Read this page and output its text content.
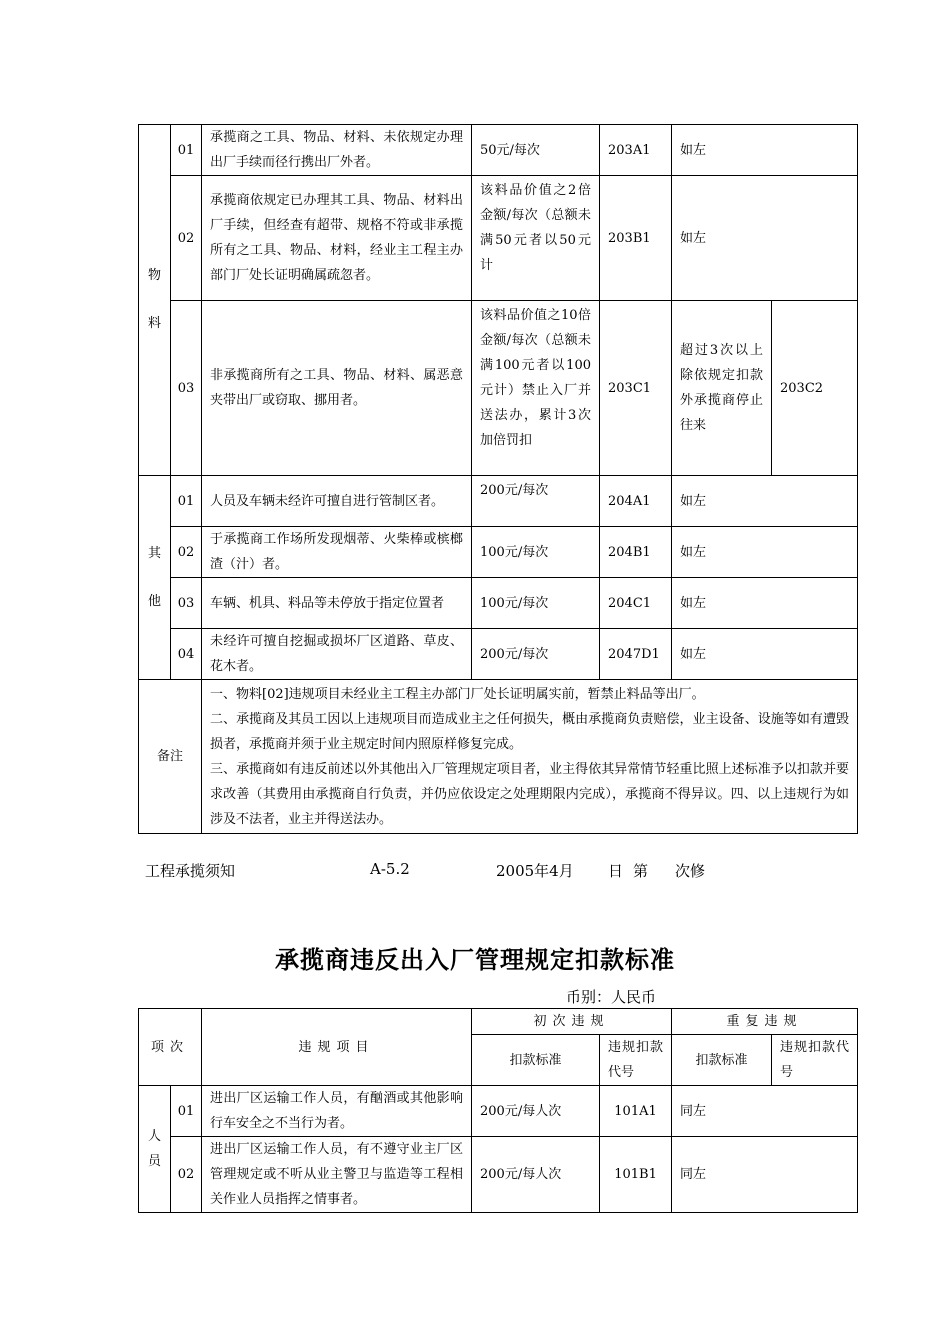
物
料	01	承揽商之工具、物品、材料、未依规定办理出厂手续而径行携出厂外者。	50元/每次	203A1	如左	
	02	承揽商依规定已办理其工具、物品、材料出厂手续，但经查有超带、规格不符或非承揽所有之工具、物品、材料，经业主工程主办部门厂处长证明确属疏忽者。	该料品价值之2倍金额/每次（总额未满50元者以50元计	203B1	如左	
	03	非承揽商所有之工具、物品、材料、属恶意夹带出厂或窃取、挪用者。	该料品价值之10倍金额/每次（总额未满100元者以100元计）禁止入厂并送法办，累计3次加倍罚扣	203C1	超过3次以上除依规定扣款外承揽商停止往来	203C2

其
他	01	人员及车辆未经许可擅自进行管制区者。	200元/每次	204A1	如左	
	02	于承揽商工作场所发现烟蒂、火柴棒或槟榔渣（汁）者。	100元/每次	204B1	如左	
	03	车辆、机具、料品等未停放于指定位置者	100元/每次	204C1	如左	
	04	未经许可擅自挖掘或损坏厂区道路、草皮、花木者。	200元/每次	2047D1	如左	
备注		一、物料[02]违规项目未经业主工程主办部门厂处长证明属实前，暂禁止料品等出厂。
二、承揽商及其员工因以上违规项目而造成业主之任何损失，概由承揽商负责赔偿，业主设备、设施等如有遭毁损者，承揽商并须于业主规定时间内照原样修复完成。
三、承揽商如有违反前述以外其他出入厂管理规定项目者，业主得依其异常情节轻重比照上述标准予以扣款并要求改善（其费用由承揽商自行负责，并仍应依设定之处理期限内完成），承揽商不得异议。四、以上违规行为如涉及不法者，业主并得送法办。				
工程承揽须知	A-5.2	2005年4月 日 第 次修
承揽商违反出入厂管理规定扣款标准
币别：人民币
项次		违规项目	初次违规		重复违规	
			扣款标准	违规扣款代号	扣款标准	违规扣款代号

人
员	01	进出厂区运输工作人员，有酗酒或其他影响行车安全之不当行为者。	200元/每人次	101A1	同左	
	02	进出厂区运输工作人员，有不遵守业主厂区管理规定或不听从业主警卫与监造等工程相关作业人员指挥之情事者。	200元/每人次	101B1	同左	
